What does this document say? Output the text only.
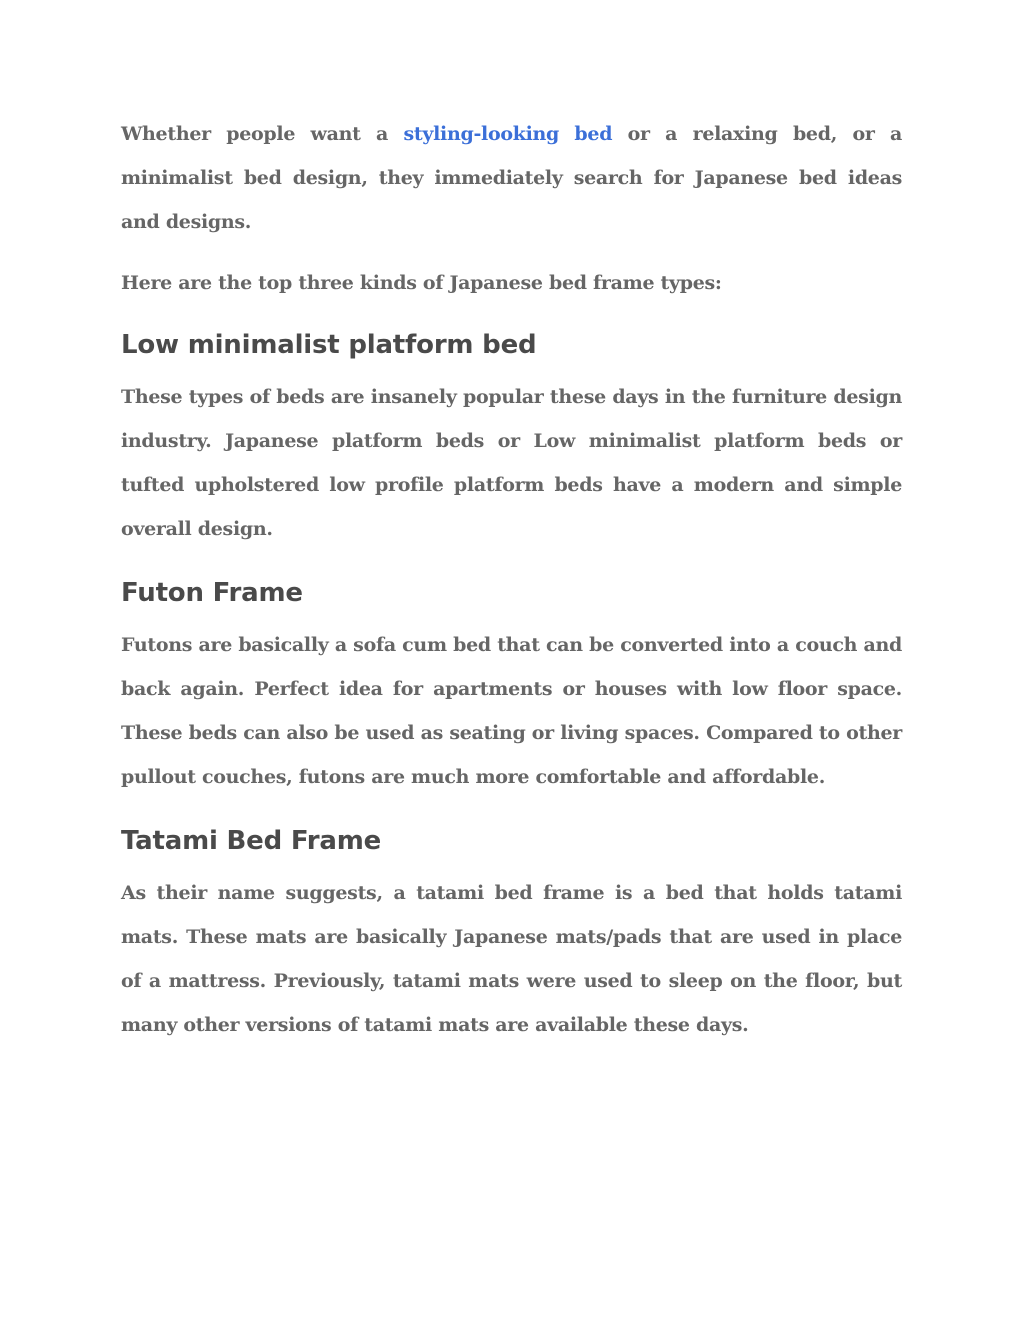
Whether people want a styling-looking bed or a relaxing bed, or a minimalist bed design, they immediately search for Japanese bed ideas and designs.

Here are the top three kinds of Japanese bed frame types:

Low minimalist platform bed

These types of beds are insanely popular these days in the furniture design industry. Japanese platform beds or Low minimalist platform beds or tufted upholstered low profile platform beds have a modern and simple overall design.

Futon Frame

Futons are basically a sofa cum bed that can be converted into a couch and back again. Perfect idea for apartments or houses with low floor space. These beds can also be used as seating or living spaces. Compared to other pullout couches, futons are much more comfortable and affordable.

Tatami Bed Frame

As their name suggests, a tatami bed frame is a bed that holds tatami mats. These mats are basically Japanese mats/pads that are used in place of a mattress. Previously, tatami mats were used to sleep on the floor, but many other versions of tatami mats are available these days.
